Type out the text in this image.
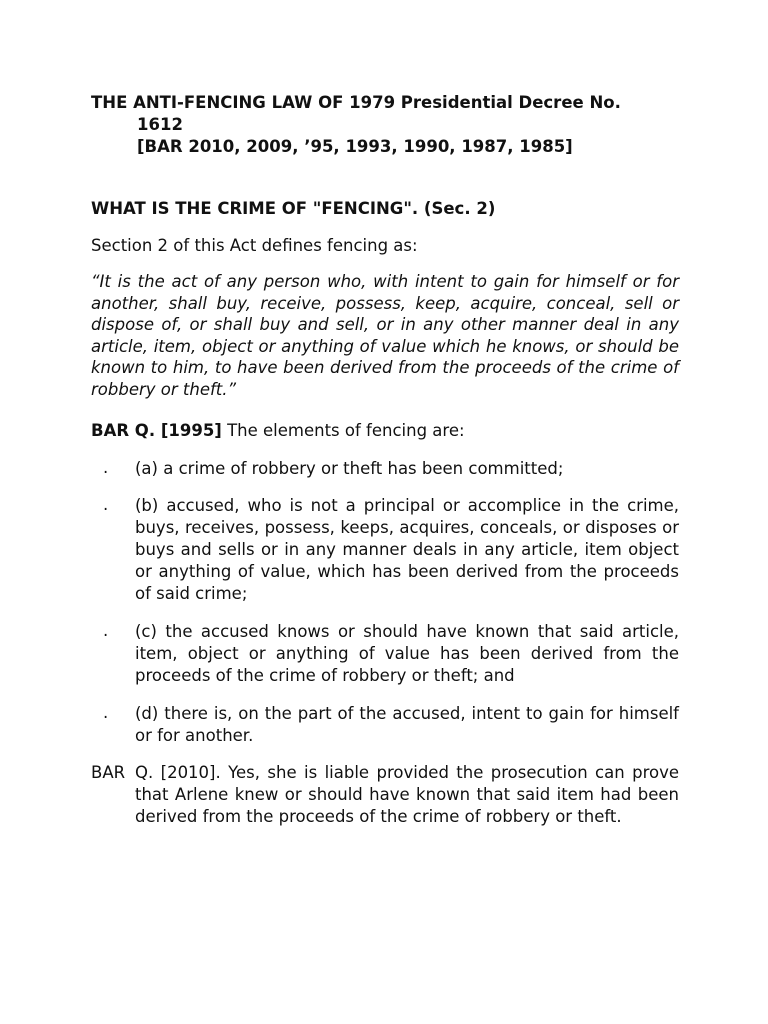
THE ANTI-FENCING LAW OF 1979 Presidential Decree No.
1612
[BAR 2010, 2009, ’95, 1993, 1990, 1987, 1985]
WHAT IS THE CRIME OF "FENCING". (Sec. 2)
Section 2 of this Act defines fencing as:
“It is the act of any person who, with intent to gain for himself or for another, shall buy, receive, possess, keep, acquire, conceal, sell or dispose of, or shall buy and sell, or in any other manner deal in any article, item, object or anything of value which he knows, or should be known to him, to have been derived from the proceeds of the crime of robbery or theft.”
BAR Q. [1995] The elements of fencing are:
. (a) a crime of robbery or theft has been committed;
. (b) accused, who is not a principal or accomplice in the crime, buys, receives, possess, keeps, acquires, conceals, or disposes or buys and sells or in any manner deals in any article, item object or anything of value, which has been derived from the proceeds of said crime;
. (c) the accused knows or should have known that said article, item, object or anything of value has been derived from the proceeds of the crime of robbery or theft; and
. (d) there is, on the part of the accused, intent to gain for himself or for another.
BAR Q. [2010]. Yes, she is liable provided the prosecution can prove that Arlene knew or should have known that said item had been derived from the proceeds of the crime of robbery or theft.
